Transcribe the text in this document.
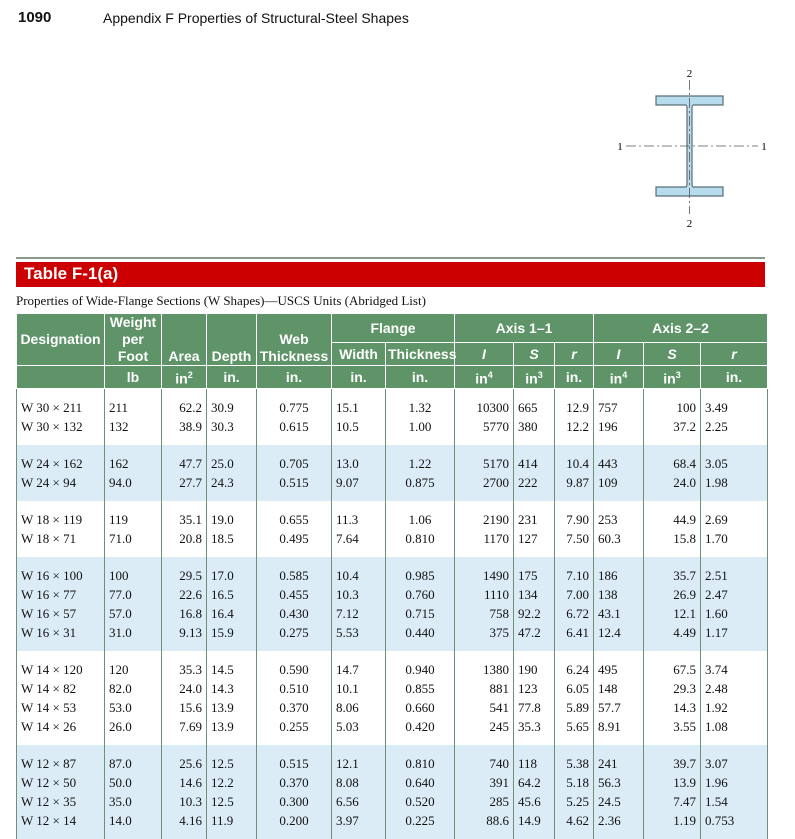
1090	Appendix F Properties of Structural-Steel Shapes
2
2
1	1
Table F-1(a)
Properties of Wide-Flange Sections (W Shapes)—USCS Units (Abridged List)
Designation	Weight per Foot	Area	Depth	Web Thickness	Flange		Axis 1–1			Axis 2–2		
					Width	Thickness	I	S	r	I	S	r

	lb	$in^2$	in.	in.	in.	in.	$in^4$	$in^3$	in.	$in^4$	$in^3$	in.

W 30 × 211	211	62.2	30.9	0.775	15.1	1.32	10300	665	12.9	757	100	3.49
W 30 × 132	132	38.9	30.3	0.615	10.5	1.00	5770	380	12.2	196	37.2	2.25

W 24 × 162	162	47.7	25.0	0.705	13.0	1.22	5170	414	10.4	443	68.4	3.05
W 24 × 94	94.0	27.7	24.3	0.515	9.07	0.875	2700	222	9.87	109	24.0	1.98

W 18 × 119	119	35.1	19.0	0.655	11.3	1.06	2190	231	7.90	253	44.9	2.69
W 18 × 71	71.0	20.8	18.5	0.495	7.64	0.810	1170	127	7.50	60.3	15.8	1.70

W 16 × 100	100	29.5	17.0	0.585	10.4	0.985	1490	175	7.10	186	35.7	2.51
W 16 × 77	77.0	22.6	16.5	0.455	10.3	0.760	1110	134	7.00	138	26.9	2.47
W 16 × 57	57.0	16.8	16.4	0.430	7.12	0.715	758	92.2	6.72	43.1	12.1	1.60
W 16 × 31	31.0	9.13	15.9	0.275	5.53	0.440	375	47.2	6.41	12.4	4.49	1.17

W 14 × 120	120	35.3	14.5	0.590	14.7	0.940	1380	190	6.24	495	67.5	3.74
W 14 × 82	82.0	24.0	14.3	0.510	10.1	0.855	881	123	6.05	148	29.3	2.48
W 14 × 53	53.0	15.6	13.9	0.370	8.06	0.660	541	77.8	5.89	57.7	14.3	1.92
W 14 × 26	26.0	7.69	13.9	0.255	5.03	0.420	245	35.3	5.65	8.91	3.55	1.08

W 12 × 87	87.0	25.6	12.5	0.515	12.1	0.810	740	118	5.38	241	39.7	3.07
W 12 × 50	50.0	14.6	12.2	0.370	8.08	0.640	391	64.2	5.18	56.3	13.9	1.96
W 12 × 35	35.0	10.3	12.5	0.300	6.56	0.520	285	45.6	5.25	24.5	7.47	1.54
W 12 × 14	14.0	4.16	11.9	0.200	3.97	0.225	88.6	14.9	4.62	2.36	1.19	0.753
